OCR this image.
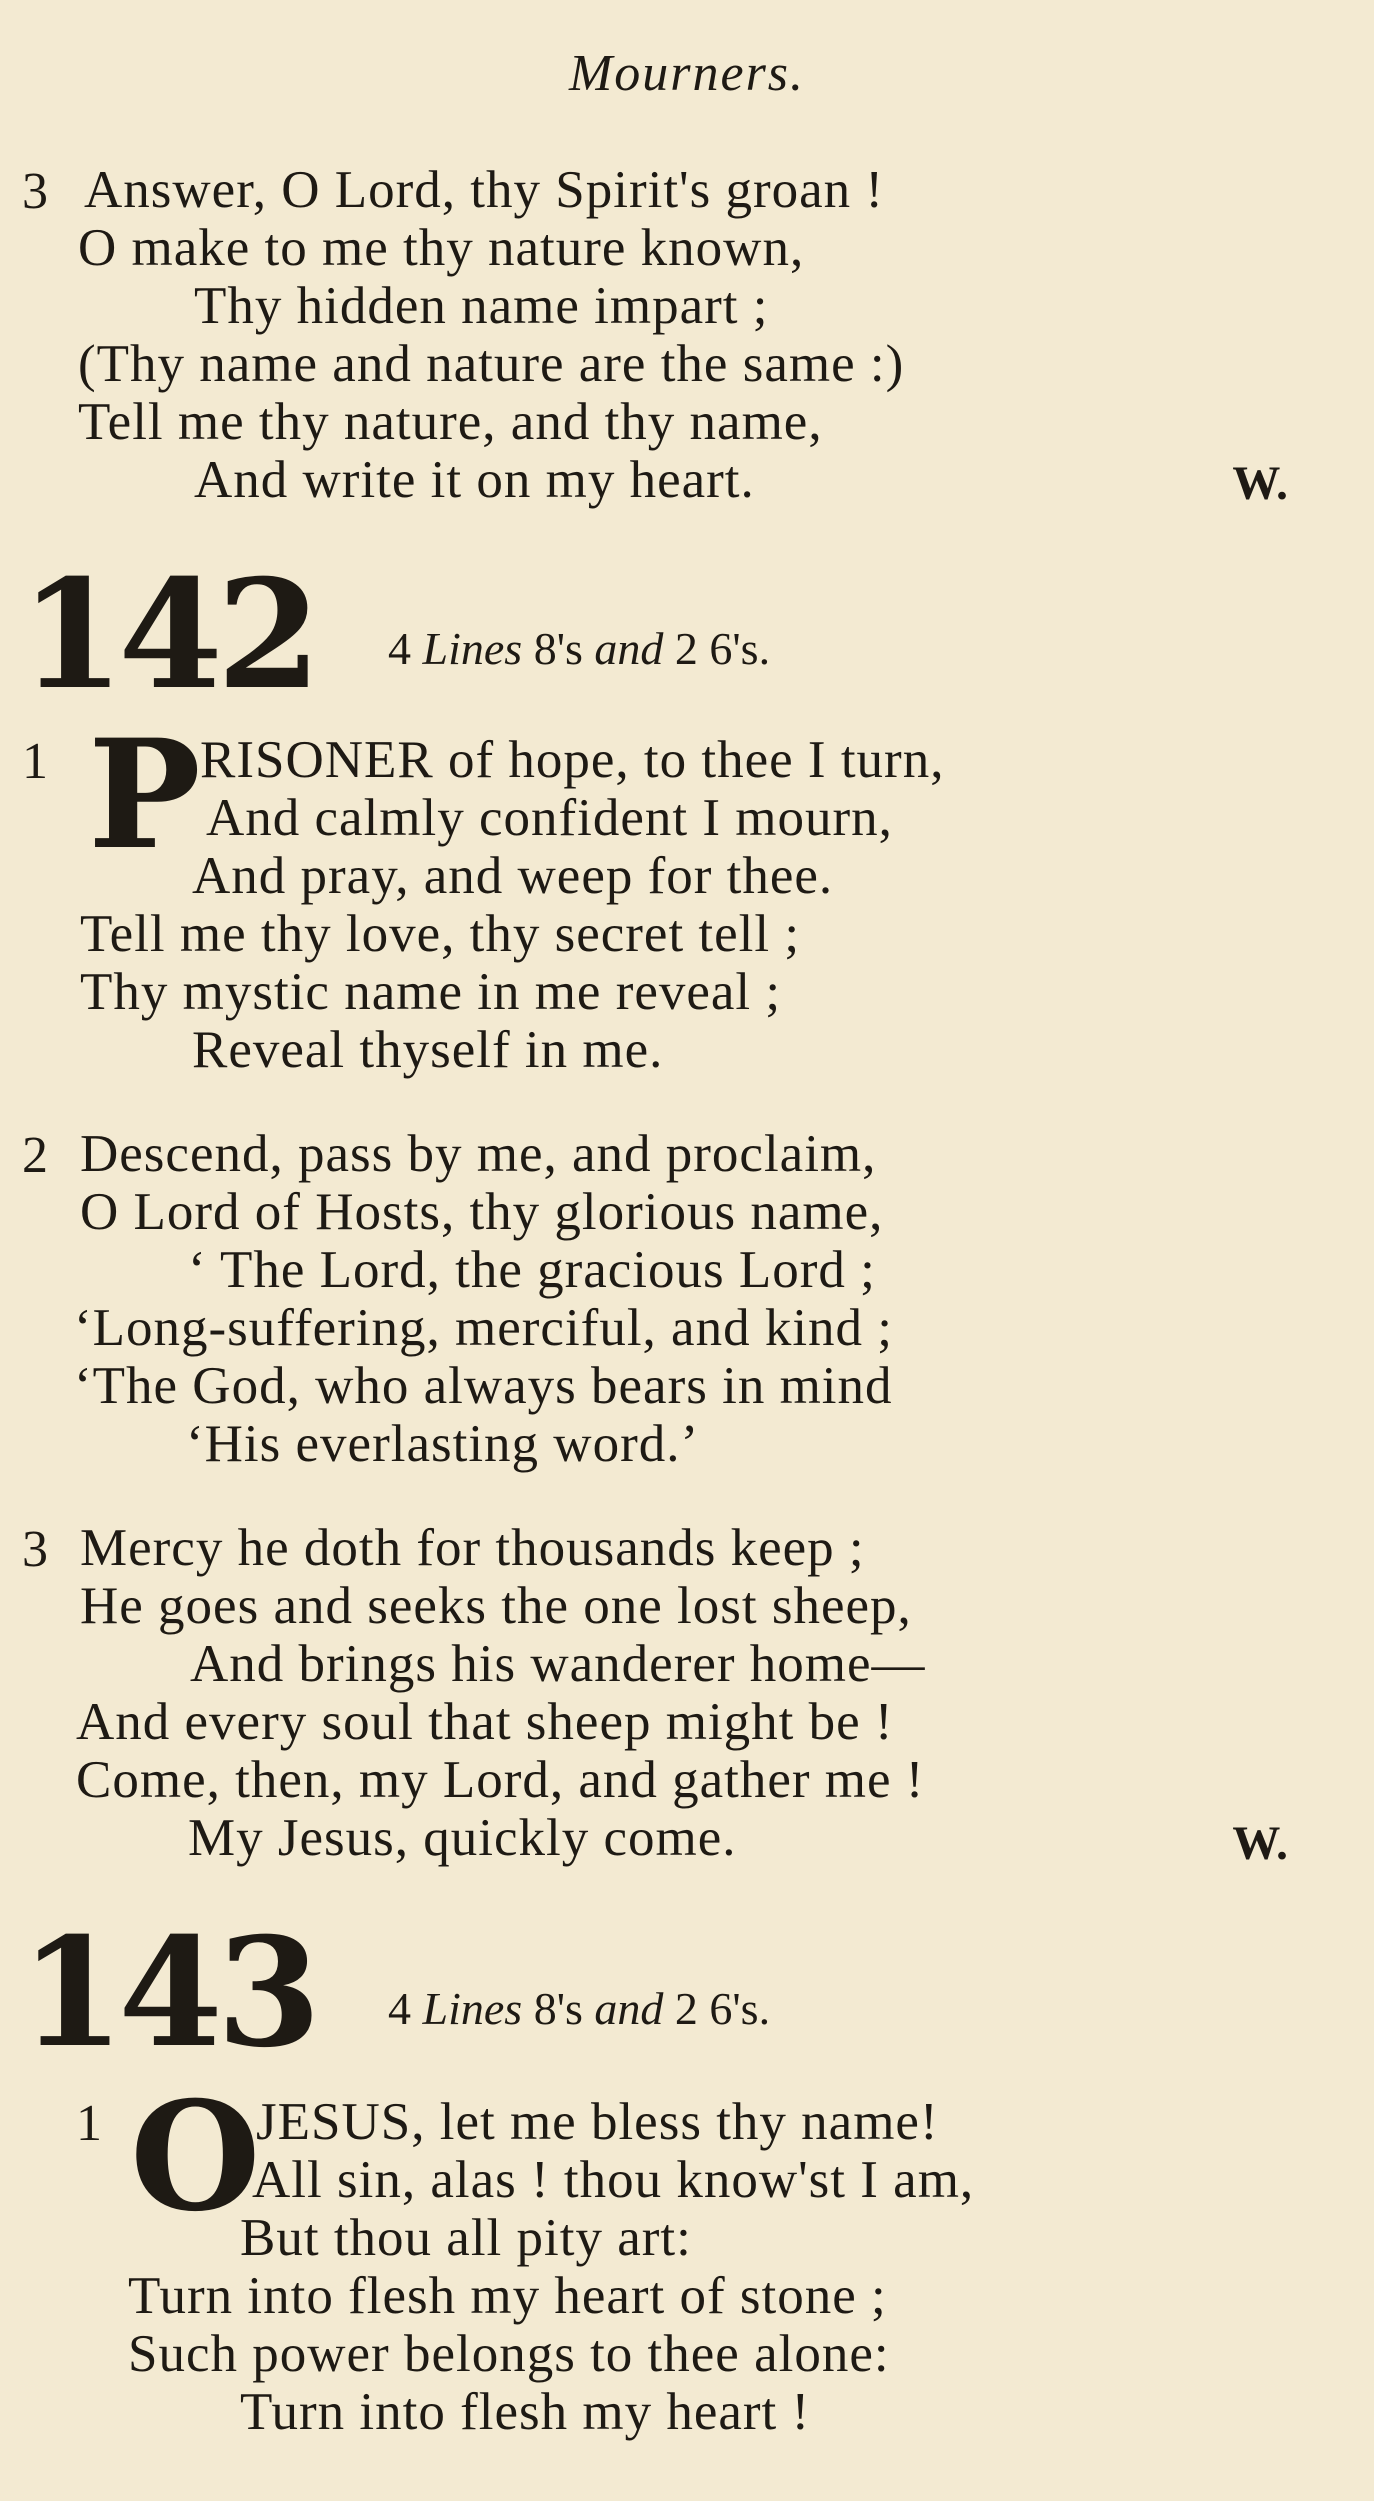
Mourners.
3 Answer, O Lord, thy Spirit's groan !
O make to me thy nature known,
Thy hidden name impart ;
(Thy name and nature are the same :)
Tell me thy nature, and thy name,
And write it on my heart.	W.
142 4 Lines 8's and 2 6's.
1 P RISONER of hope, to thee I turn,
And calmly confident I mourn,
And pray, and weep for thee.
Tell me thy love, thy secret tell ;
Thy mystic name in me reveal ;
Reveal thyself in me.
2 Descend, pass by me, and proclaim,
O Lord of Hosts, thy glorious name,
‘ The Lord, the gracious Lord ;
‘Long-suffering, merciful, and kind ;
‘The God, who always bears in mind
‘His everlasting word.’
3 Mercy he doth for thousands keep ;
He goes and seeks the one lost sheep,
And brings his wanderer home—
And every soul that sheep might be !
Come, then, my Lord, and gather me !
My Jesus, quickly come.	W.
143 4 Lines 8's and 2 6's.
1 O
JESUS, let me bless thy name!
All sin, alas ! thou know'st I am,
But thou all pity art:
Turn into flesh my heart of stone ;
Such power belongs to thee alone:
Turn into flesh my heart !
